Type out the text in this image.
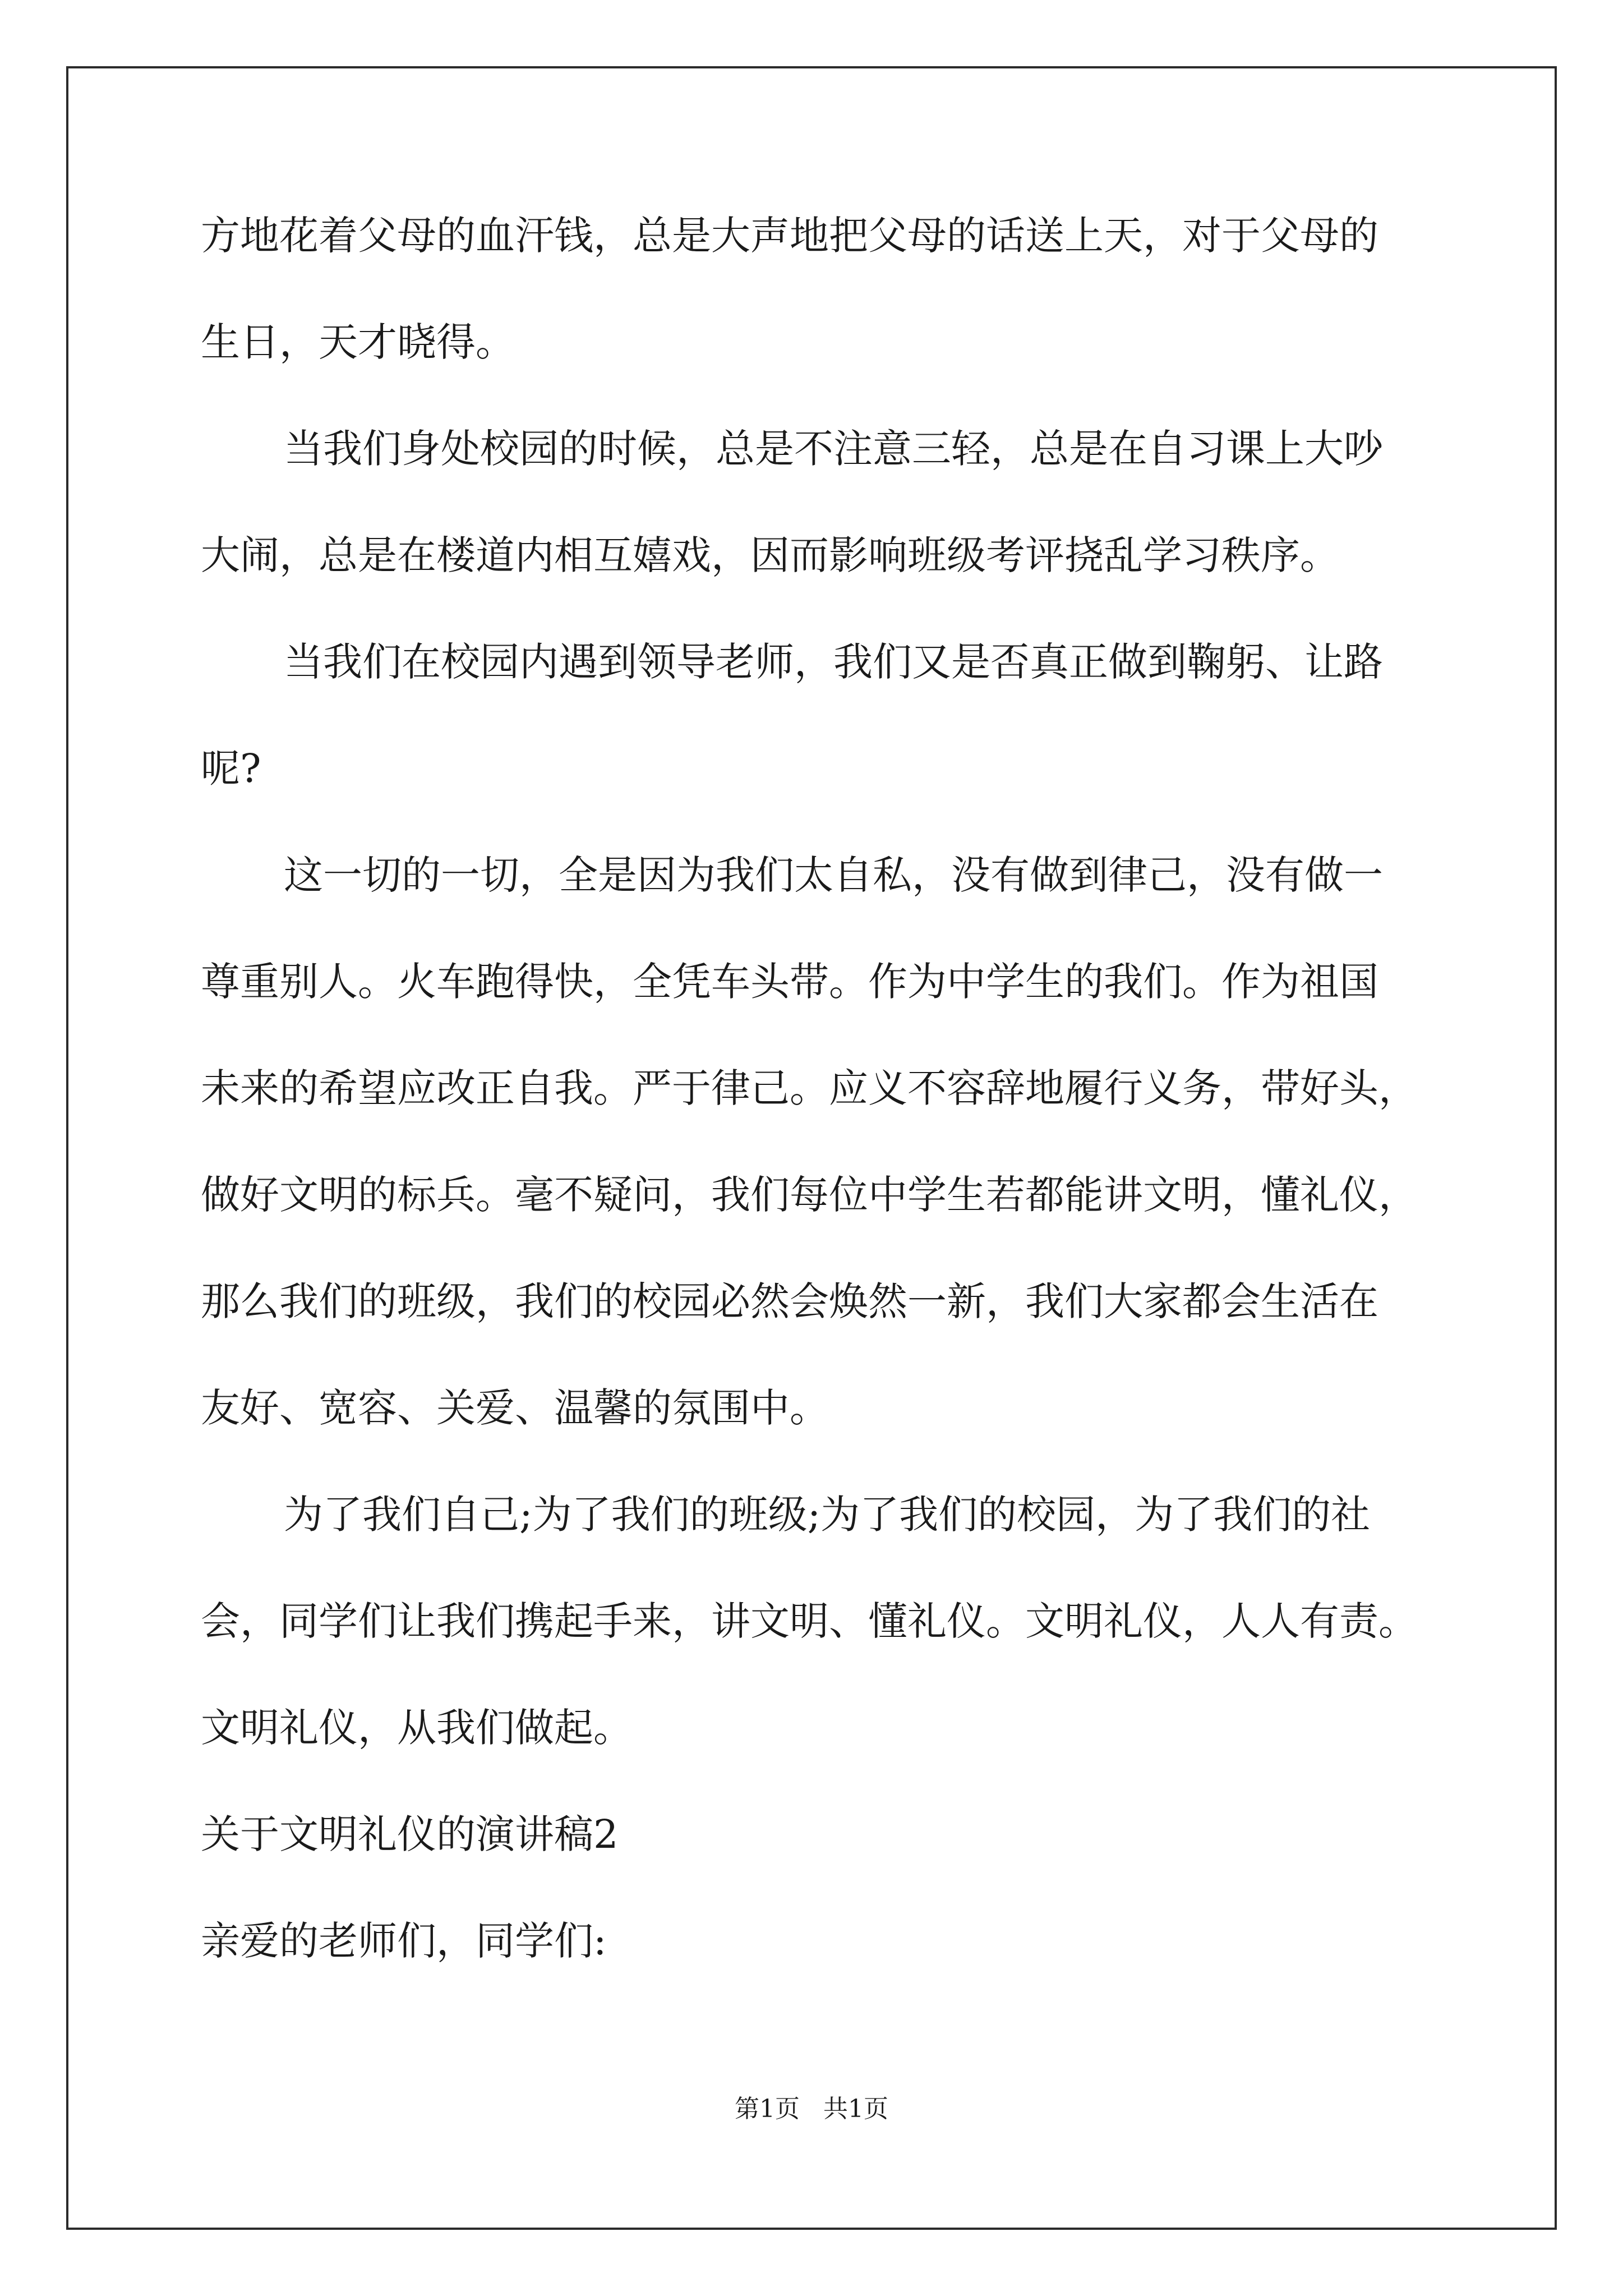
方地花着父母的血汗钱，总是大声地把父母的话送上天，对于父母的
生日，天才晓得。
当我们身处校园的时候，总是不注意三轻，总是在自习课上大吵
大闹，总是在楼道内相互嬉戏，因而影响班级考评挠乱学习秩序。
当我们在校园内遇到领导老师，我们又是否真正做到鞠躬、让路
呢?
这一切的一切，全是因为我们太自私，没有做到律己，没有做一
尊重别人。火车跑得快，全凭车头带。作为中学生的我们。作为祖国
未来的希望应改正自我。严于律己。应义不容辞地履行义务，带好头，
做好文明的标兵。毫不疑问，我们每位中学生若都能讲文明，懂礼仪，
那么我们的班级，我们的校园必然会焕然一新，我们大家都会生活在
友好、宽容、关爱、温馨的氛围中。
为了我们自己;为了我们的班级;为了我们的校园，为了我们的社
会，同学们让我们携起手来，讲文明、懂礼仪。文明礼仪，人人有责。
文明礼仪，从我们做起。
关于文明礼仪的演讲稿2
亲爱的老师们，同学们:
第1页   共1页
